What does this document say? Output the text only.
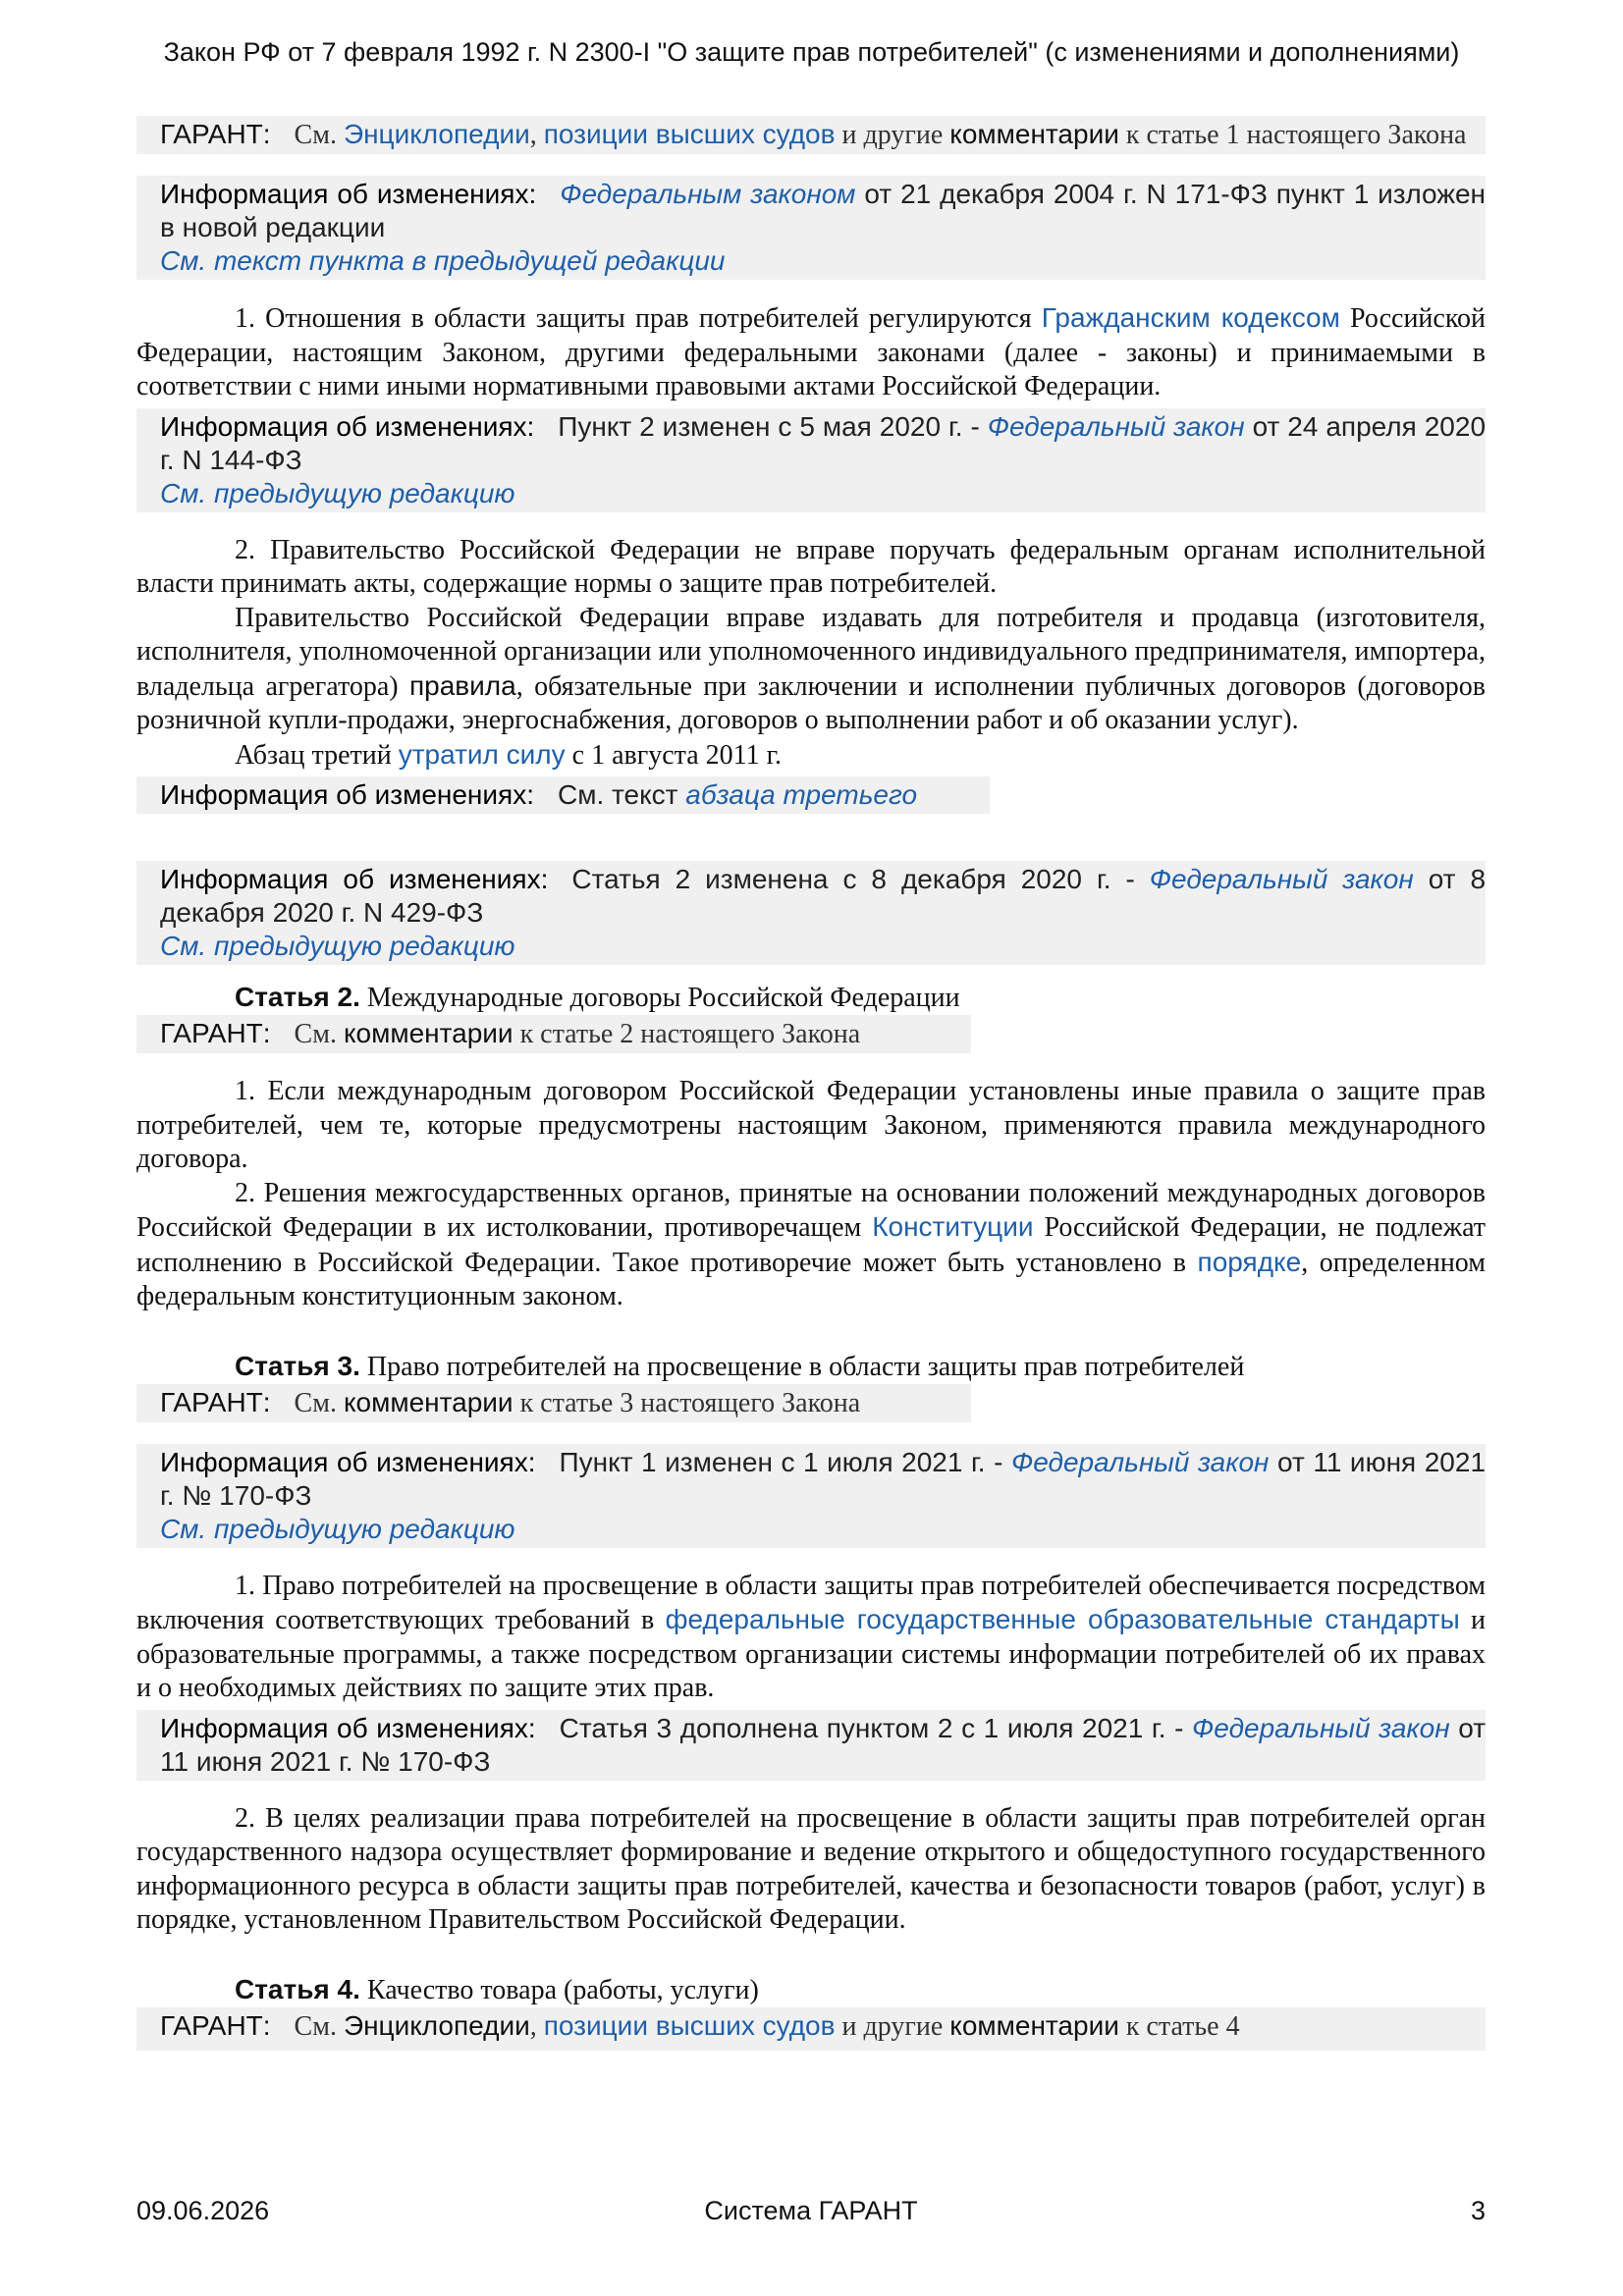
Закон РФ от 7 февраля 1992 г. N 2300-I "О защите прав потребителей" (с изменениями и дополнениями)
ГАРАНТ: См. Энциклопедии, позиции высших судов и другие комментарии к статье 1 настоящего Закона
Информация об изменениях: Федеральным законом от 21 декабря 2004 г. N 171-ФЗ пункт 1 изложен в новой редакции
См. текст пункта в предыдущей редакции

1. Отношения в области защиты прав потребителей регулируются Гражданским кодексом Российской Федерации, настоящим Законом, другими федеральными законами (далее - законы) и принимаемыми в соответствии с ними иными нормативными правовыми актами Российской Федерации.

Информация об изменениях: Пункт 2 изменен с 5 мая 2020 г. - Федеральный закон от 24 апреля 2020 г. N 144-ФЗ
См. предыдущую редакцию

2. Правительство Российской Федерации не вправе поручать федеральным органам исполнительной власти принимать акты, содержащие нормы о защите прав потребителей.

Правительство Российской Федерации вправе издавать для потребителя и продавца (изготовителя, исполнителя, уполномоченной организации или уполномоченного индивидуального предпринимателя, импортера, владельца агрегатора) правила, обязательные при заключении и исполнении публичных договоров (договоров розничной купли-продажи, энергоснабжения, договоров о выполнении работ и об оказании услуг).

Абзац третий утратил силу с 1 августа 2011 г.

Информация об изменениях: См. текст абзаца третьего
Информация об изменениях: Статья 2 изменена с 8 декабря 2020 г. - Федеральный закон от 8 декабря 2020 г. N 429-ФЗ
См. предыдущую редакцию

Статья 2. Международные договоры Российской Федерации

ГАРАНТ: См. комментарии к статье 2 настоящего Закона

1. Если международным договором Российской Федерации установлены иные правила о защите прав потребителей, чем те, которые предусмотрены настоящим Законом, применяются правила международного договора.

2. Решения межгосударственных органов, принятые на основании положений международных договоров Российской Федерации в их истолковании, противоречащем Конституции Российской Федерации, не подлежат исполнению в Российской Федерации. Такое противоречие может быть установлено в порядке, определенном федеральным конституционным законом.

Статья 3. Право потребителей на просвещение в области защиты прав потребителей

ГАРАНТ: См. комментарии к статье 3 настоящего Закона
Информация об изменениях: Пункт 1 изменен с 1 июля 2021 г. - Федеральный закон от 11 июня 2021 г. № 170-ФЗ
См. предыдущую редакцию

1. Право потребителей на просвещение в области защиты прав потребителей обеспечивается посредством включения соответствующих требований в федеральные государственные образовательные стандарты и образовательные программы, а также посредством организации системы информации потребителей об их правах и о необходимых действиях по защите этих прав.

Информация об изменениях: Статья 3 дополнена пунктом 2 с 1 июля 2021 г. - Федеральный закон от 11 июня 2021 г. № 170-ФЗ

2. В целях реализации права потребителей на просвещение в области защиты прав потребителей орган государственного надзора осуществляет формирование и ведение открытого и общедоступного государственного информационного ресурса в области защиты прав потребителей, качества и безопасности товаров (работ, услуг) в порядке, установленном Правительством Российской Федерации.

Статья 4. Качество товара (работы, услуги)

ГАРАНТ: См. Энциклопедии, позиции высших судов и другие комментарии к статье 4
09.06.2026	Система ГАРАНТ	3
